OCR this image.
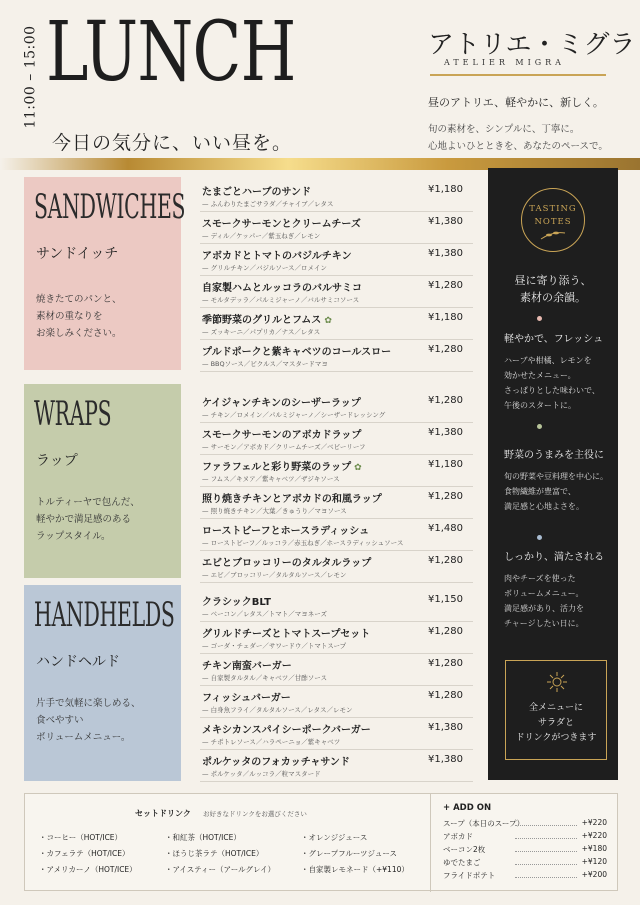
11:00 – 15:00 LUNCH
今日の気分に、いい昼を。
アトリエ・ミグラ
ATELIER MIGRA
昼のアトリエ、軽やかに、新しく。
旬の素材を、シンプルに、丁寧に。
心地よいひとときを、あなたのペースで。
SANDWICHES
サンドイッチ
焼きたてのパンと、
素材の重なりを
お楽しみください。
WRAPS
ラップ
トルティーヤで包んだ、
軽やかで満足感のある
ラップスタイル。
HANDHELDS
ハンドヘルド
片手で気軽に楽しめる、
食べやすい
ボリュームメニュー。
たまごとハーブのサンド
— ふんわりたまごサラダ／チャイブ／レタス
¥1,180
スモークサーモンとクリームチーズ
— ディル／ケッパー／紫玉ねぎ／レモン
¥1,380
アボカドとトマトのバジルチキン
— グリルチキン／バジルソース／ロメイン
¥1,380
自家製ハムとルッコラのバルサミコ
— モルタデッラ／パルミジャーノ／バルサミコソース
¥1,280
季節野菜のグリルとフムス ✿
— ズッキーニ／パプリカ／ナス／レタス
¥1,180
プルドポークと紫キャベツのコールスロー
— BBQソース／ピクルス／マスタードマヨ
¥1,280
ケイジャンチキンのシーザーラップ
— チキン／ロメイン／パルミジャーノ／シーザードレッシング
¥1,280
スモークサーモンのアボカドラップ
— サーモン／アボカド／クリームチーズ／ベビーリーフ
¥1,380
ファラフェルと彩り野菜のラップ ✿
— フムス／キヌア／紫キャベツ／ザジキソース
¥1,180
照り焼きチキンとアボカドの和風ラップ
— 照り焼きチキン／大葉／きゅうり／マヨソース
¥1,280
ローストビーフとホースラディッシュ
— ローストビーフ／ルッコラ／赤玉ねぎ／ホースラディッシュソース
¥1,480
エビとブロッコリーのタルタルラップ
— エビ／ブロッコリー／タルタルソース／レモン
¥1,280
クラシックBLT
— ベーコン／レタス／トマト／マヨネーズ
¥1,150
グリルドチーズとトマトスープセット
— ゴーダ・チェダー／サワードウ／トマトスープ
¥1,280
チキン南蛮バーガー
— 自家製タルタル／キャベツ／甘酢ソース
¥1,280
フィッシュバーガー
— 白身魚フライ／タルタルソース／レタス／レモン
¥1,280
メキシカンスパイシーポークバーガー
— チポトレソース／ハラペーニョ／紫キャベツ
¥1,380
ポルケッタのフォカッチャサンド
— ポルケッタ／ルッコラ／粒マスタード
¥1,380
TASTING
NOTES
昼に寄り添う、
素材の余韻。
軽やかで、フレッシュ
ハーブや柑橘、レモンを
効かせたメニュー。
さっぱりとした味わいで、
午後のスタートに。
野菜のうまみを主役に
旬の野菜や豆料理を中心に。
食物繊維が豊富で、
満足感と心地よさを。
しっかり、満たされる
肉やチーズを使った
ボリュームメニュー。
満足感があり、活力を
チャージしたい日に。
全メニューに
サラダと
ドリンクがつきます
セットドリンク お好きなドリンクをお選びください
・コーヒー（HOT/ICE）
・カフェラテ（HOT/ICE）
・アメリカーノ（HOT/ICE）
・和紅茶（HOT/ICE）
・ほうじ茶ラテ（HOT/ICE）
・アイスティー（アールグレイ）
・オレンジジュース
・グレープフルーツジュース
・自家製レモネード（+¥110）
+ ADD ON
スープ（本日のスープ）	+¥220
アボカド	+¥220
ベーコン2枚	+¥180
ゆでたまご	+¥120
フライドポテト	+¥200
